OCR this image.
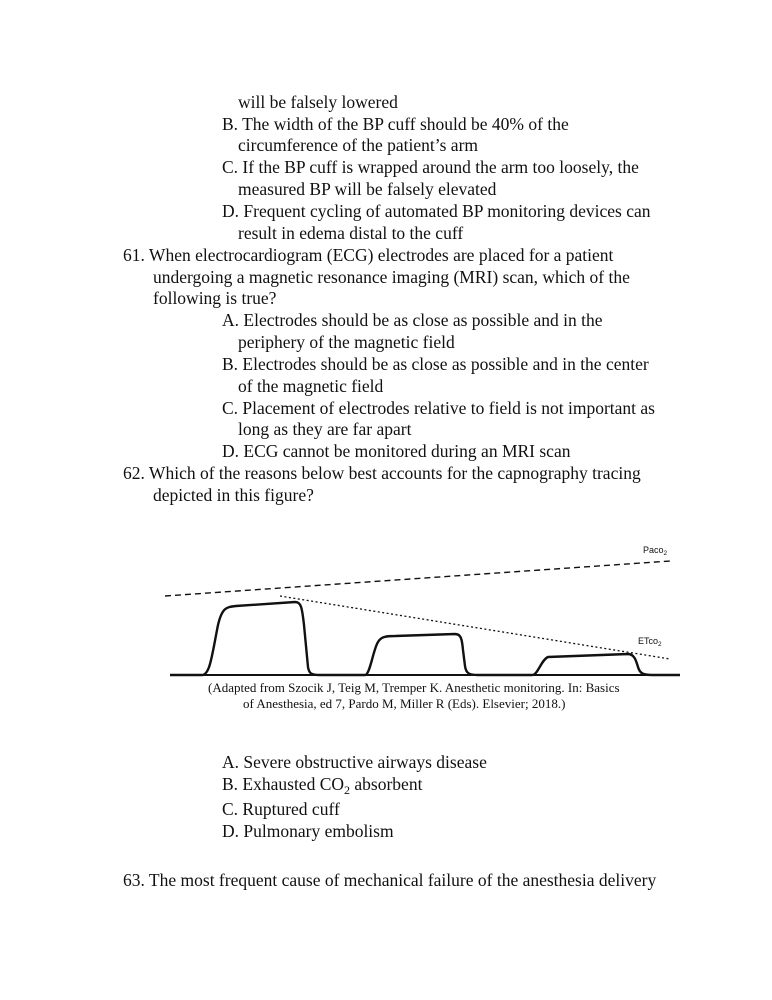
will be falsely lowered
B. The width of the BP cuff should be 40% of the
circumference of the patient’s arm
C. If the BP cuff is wrapped around the arm too loosely, the
measured BP will be falsely elevated
D. Frequent cycling of automated BP monitoring devices can
result in edema distal to the cuff
61. When electrocardiogram (ECG) electrodes are placed for a patient
undergoing a magnetic resonance imaging (MRI) scan, which of the
following is true?
A. Electrodes should be as close as possible and in the
periphery of the magnetic field
B. Electrodes should be as close as possible and in the center
of the magnetic field
C. Placement of electrodes relative to field is not important as
long as they are far apart
D. ECG cannot be monitored during an MRI scan
62. Which of the reasons below best accounts for the capnography tracing
depicted in this figure?
Paco$_2$
ETco$_2$
(Adapted from Szocik J, Teig M, Tremper K. Anesthetic monitoring. In: Basics
of Anesthesia, ed 7, Pardo M, Miller R (Eds). Elsevier; 2018.)
A. Severe obstructive airways disease
B. Exhausted $CO_2$ absorbent
C. Ruptured cuff
D. Pulmonary embolism
63. The most frequent cause of mechanical failure of the anesthesia delivery
